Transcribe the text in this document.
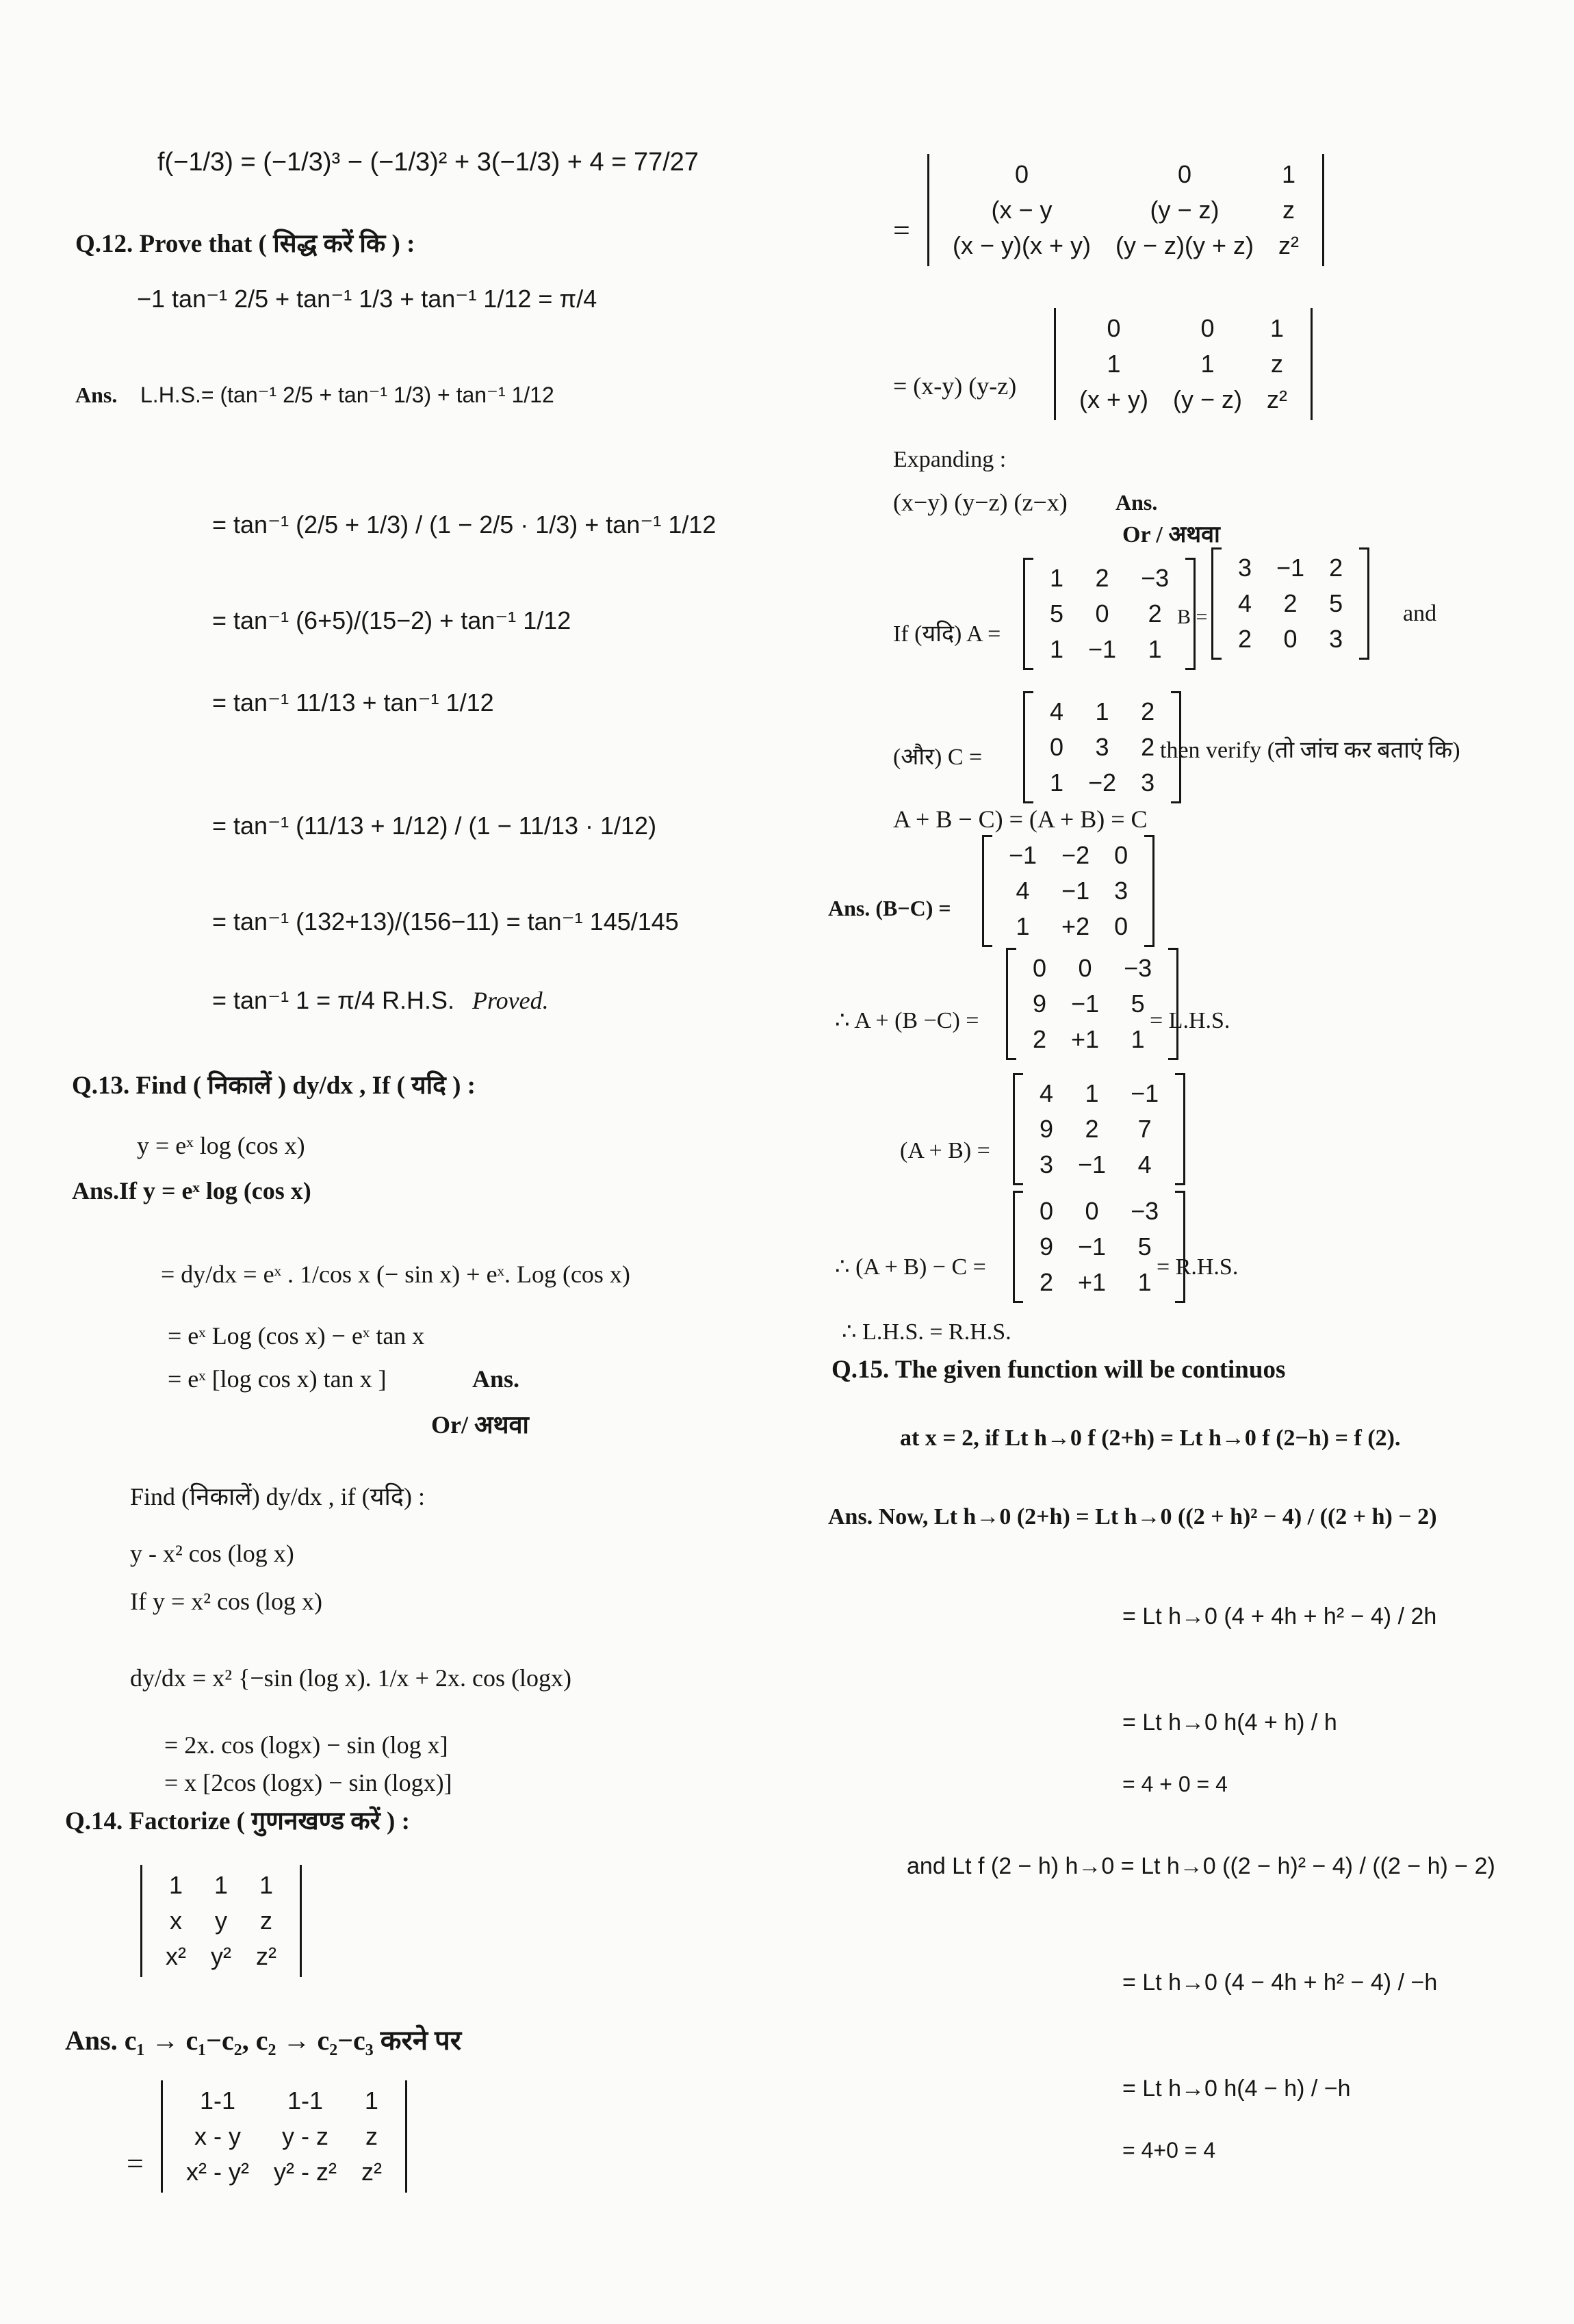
f(−1/3) = (−1/3)³ − (−1/3)² + 3(−1/3) + 4 = 77/27
Q.12. Prove that ( सिद्ध करें कि ) :
−1 tan⁻¹ 2/5 + tan⁻¹ 1/3 + tan⁻¹ 1/12 = π/4
Ans. L.H.S.= (tan⁻¹ 2/5 + tan⁻¹ 1/3) + tan⁻¹ 1/12
= tan⁻¹ (2/5 + 1/3) / (1 − 2/5 · 1/3) + tan⁻¹ 1/12
= tan⁻¹ (6+5)/(15−2) + tan⁻¹ 1/12
= tan⁻¹ 11/13 + tan⁻¹ 1/12
= tan⁻¹ (11/13 + 1/12) / (1 − 11/13 · 1/12)
= tan⁻¹ (132+13)/(156−11) = tan⁻¹ 145/145
= tan⁻¹ 1 = π/4 R.H.S. Proved.
Q.13. Find ( निकालें ) dy/dx , If ( यदि ) :
y = eˣ log (cos x)
Ans.If y = eˣ log (cos x)
= dy/dx = eˣ . 1/cos x (− sin x) + eˣ. Log (cos x)
= eˣ Log (cos x) − eˣ tan x
= eˣ [log cos x) tan x ]	Ans.
Or/ अथवा
Find (निकालें) dy/dx , if (यदि) :
y - x² cos (log x)
If y = x² cos (log x)
dy/dx = x² {−sin (log x). 1/x + 2x. cos (logx)
= 2x. cos (logx) − sin (log x]
= x [2cos (logx) − sin (logx)]
Q.14. Factorize ( गुणनखण्ड करें ) :
1	1	1
x	y	z
x²	y²	z²
Ans. c₁ → c₁−c₂, c₂ → c₂−c₃ करने पर
=
1-1	1-1	1
x - y	y - z	z
x² - y²	y² - z²	z²
=
0	0	1
(x − y	(y − z)	z
(x − y)(x + y)	(y − z)(y + z)	z²
= (x-y) (y-z)
0	0	1
1	1	z
(x + y)	(y − z)	z²
Expanding :
(x−y) (y−z) (z−x) Ans.
Or / अथवा
If (यदि) A =
1	2	−3
5	0	2
1	−1	1
B =
3	−1	2
4	2	5
2	0	3
and
(और) C =
4	1	2
0	3	2
1	−2	3
then verify (तो जांच कर बताएं कि)
A + B − C) = (A + B) = C
Ans. (B−C) =
−1	−2	0
4	−1	3
1	+2	0
∴ A + (B −C) =
0	0	−3
9	−1	5
2	+1	1
= L.H.S.
(A + B) =
4	1	−1
9	2	7
3	−1	4
∴ (A + B) − C =
0	0	−3
9	−1	5
2	+1	1
= R.H.S.
∴ L.H.S. = R.H.S.
Q.15. The given function will be continuos
at x = 2, if Lt h→0 f (2+h) = Lt h→0 f (2−h) = f (2).
Ans. Now, Lt h→0 (2+h) = Lt h→0 ((2 + h)² − 4) / ((2 + h) − 2)
= Lt h→0 (4 + 4h + h² − 4) / 2h
= Lt h→0 h(4 + h) / h
= 4 + 0 = 4
and Lt f (2 − h) h→0 = Lt h→0 ((2 − h)² − 4) / ((2 − h) − 2)
= Lt h→0 (4 − 4h + h² − 4) / −h
= Lt h→0 h(4 − h) / −h
= 4+0 = 4
